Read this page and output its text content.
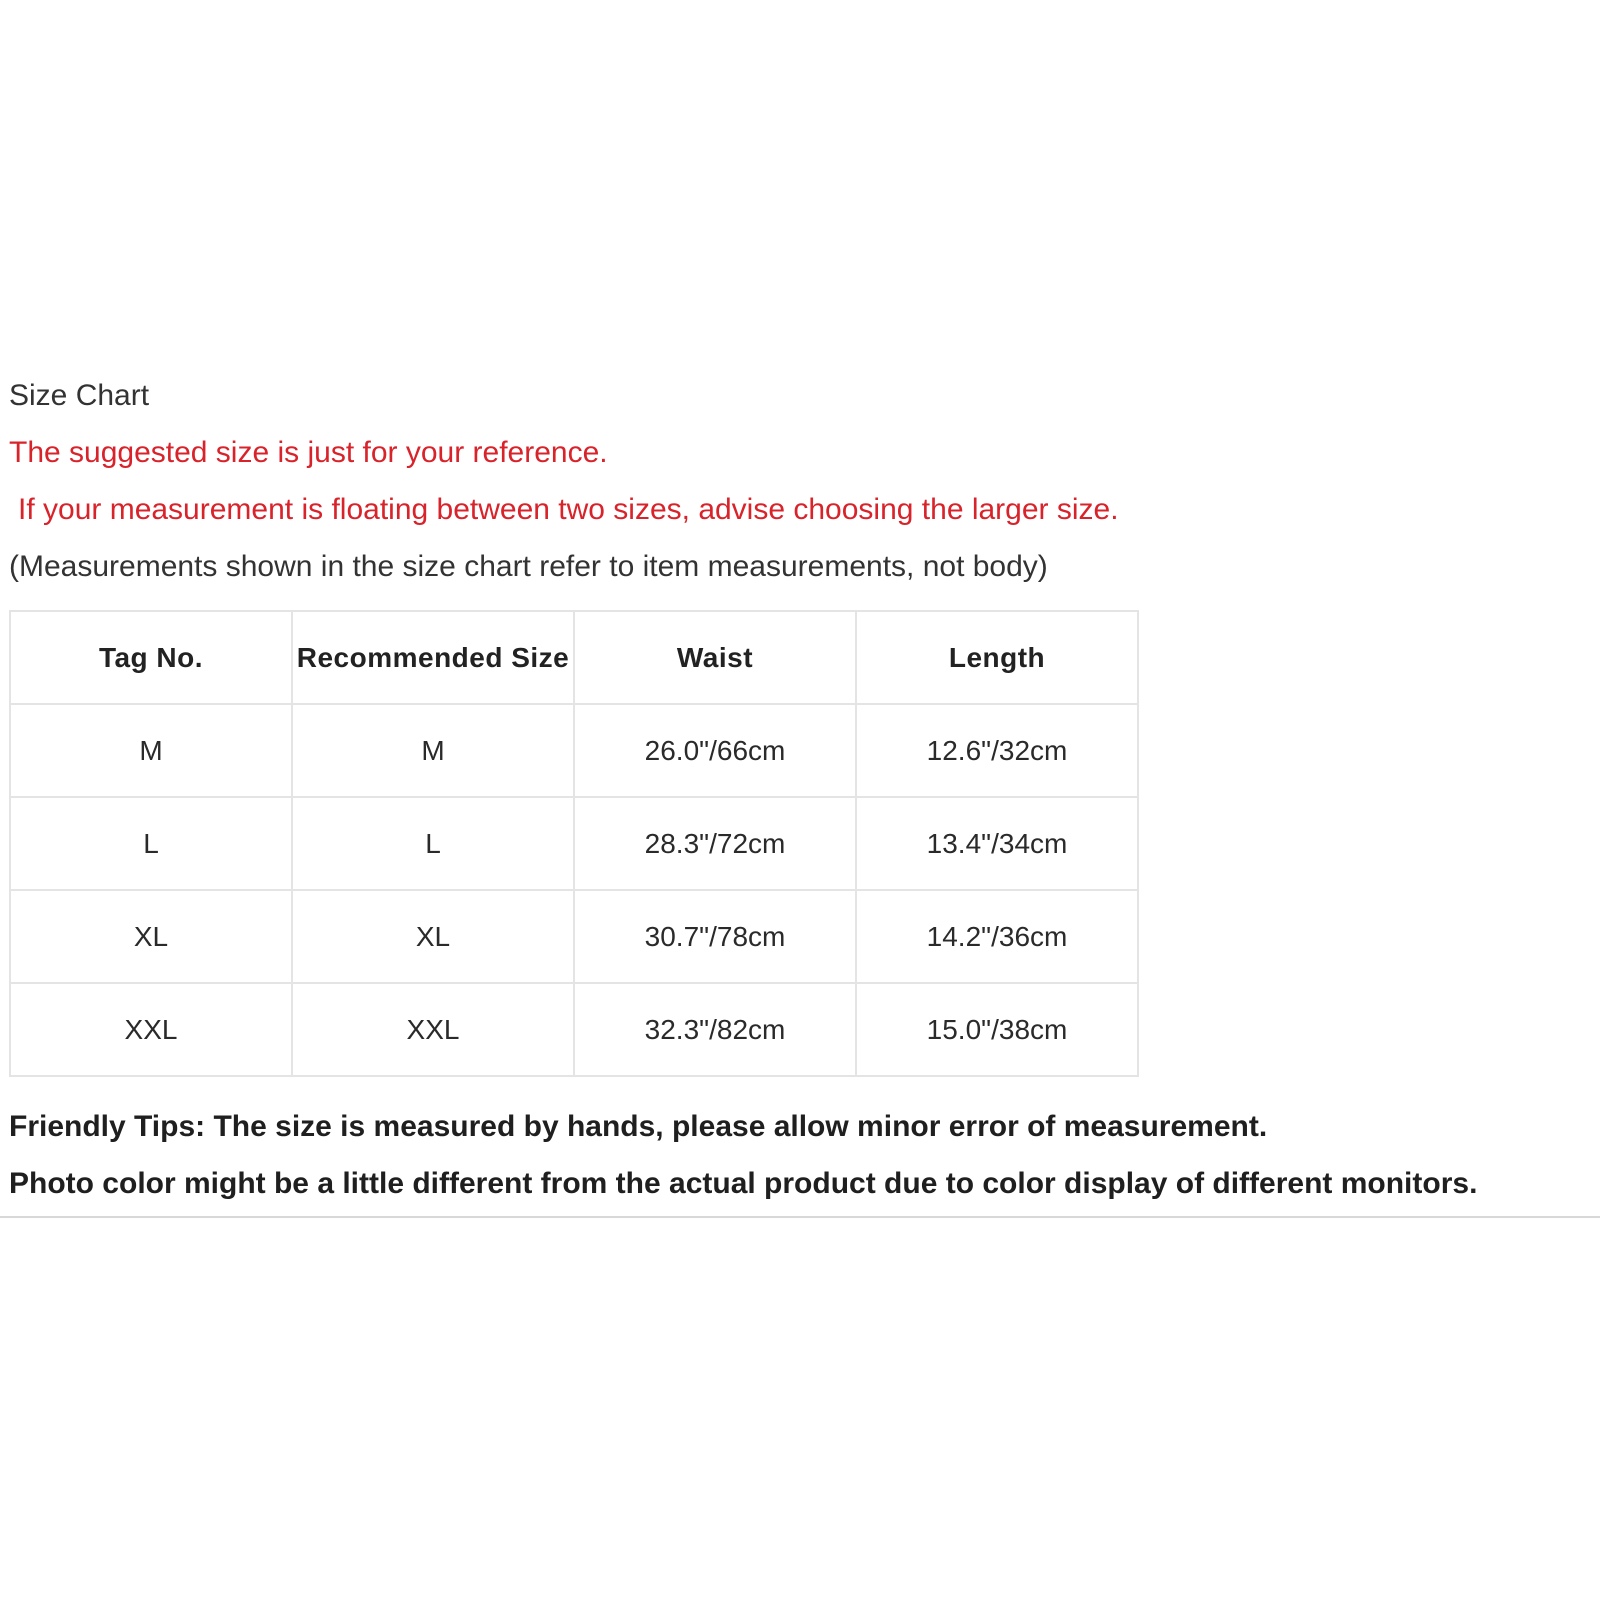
Size Chart
The suggested size is just for your reference.
If your measurement is floating between two sizes, advise choosing the larger size.
(Measurements shown in the size chart refer to item measurements, not body)
Tag No.	Recommended Size	Waist	Length
M	M	26.0"/66cm	12.6"/32cm
L	L	28.3"/72cm	13.4"/34cm
XL	XL	30.7"/78cm	14.2"/36cm
XXL	XXL	32.3"/82cm	15.0"/38cm
Friendly Tips: The size is measured by hands, please allow minor error of measurement.
Photo color might be a little different from the actual product due to color display of different monitors.
